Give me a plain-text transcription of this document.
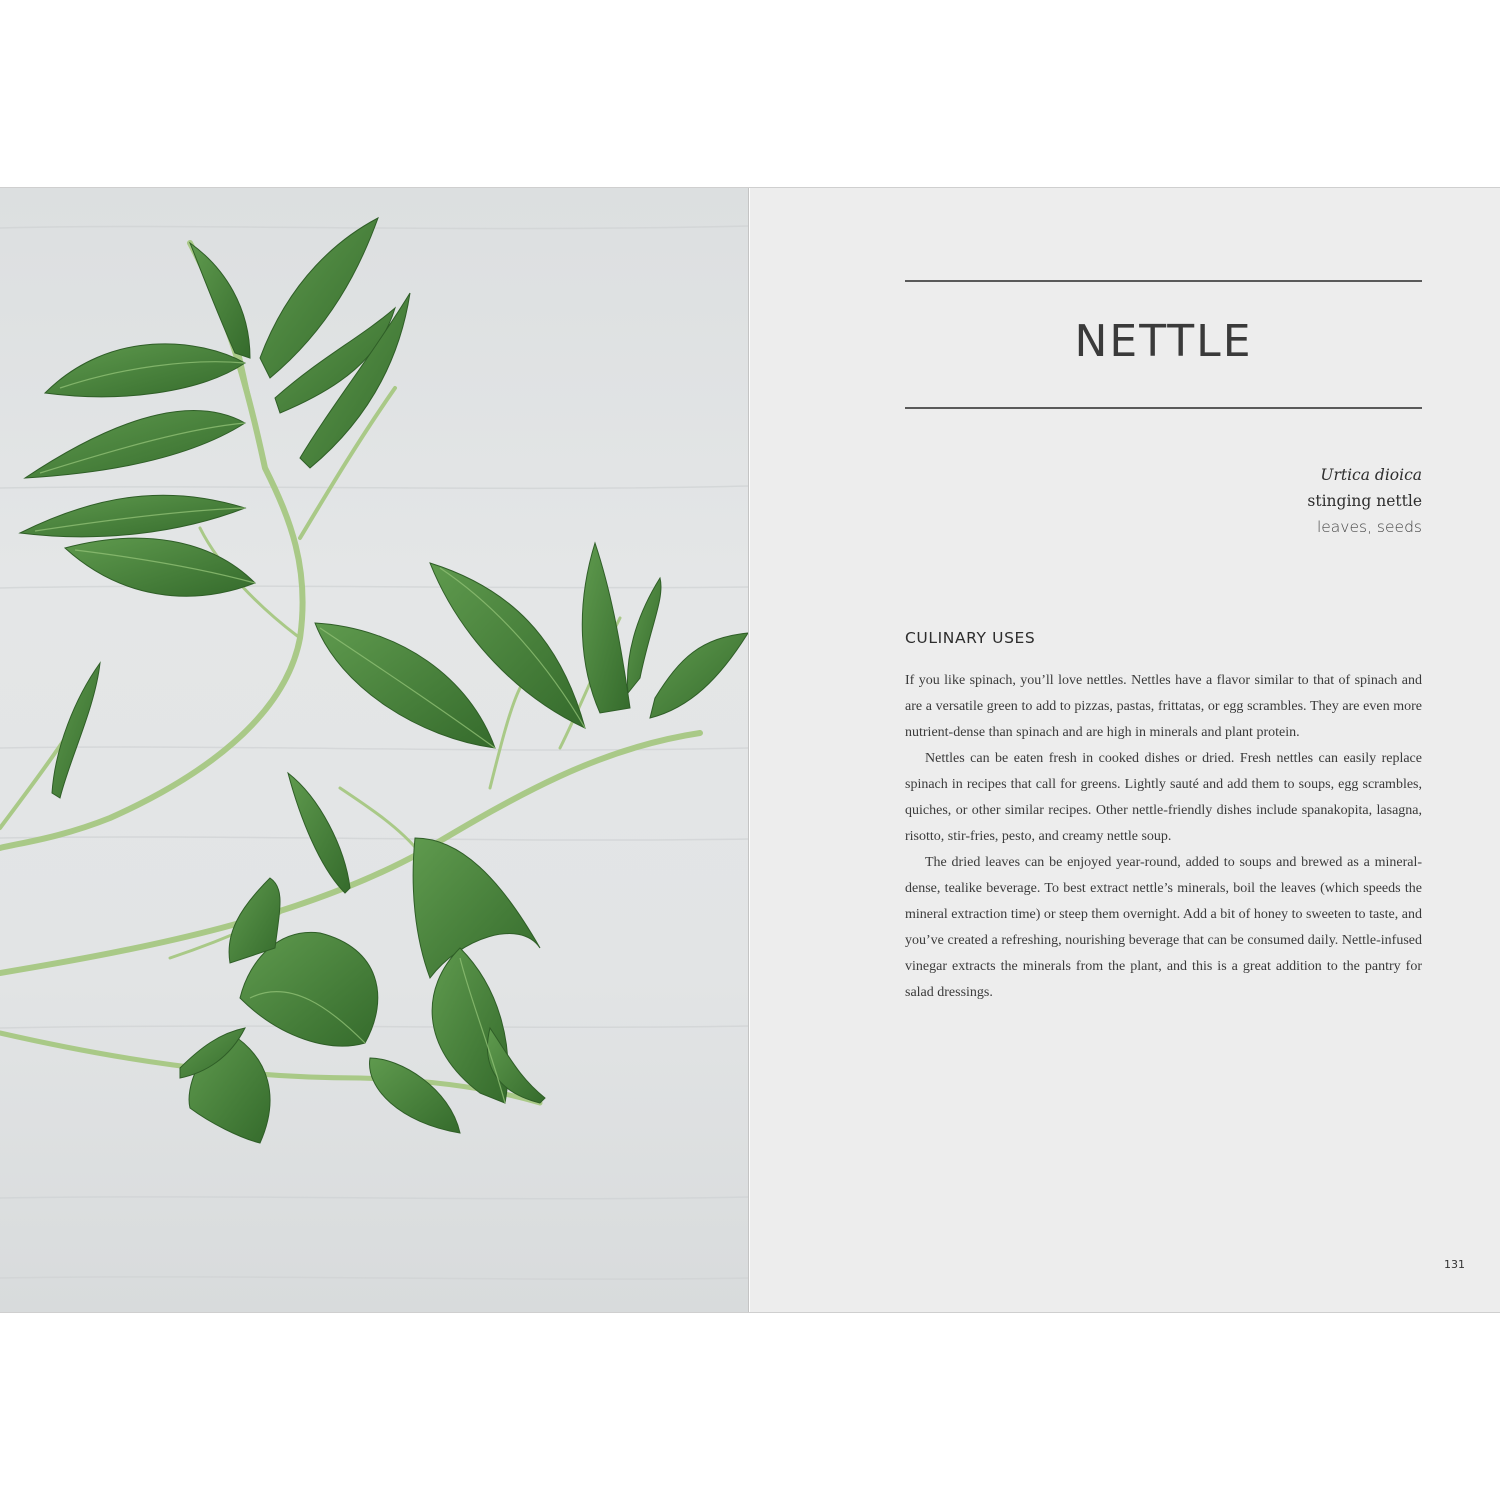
NETTLE
Urtica dioica
stinging nettle
leaves, seeds
CULINARY USES

If you like spinach, you’ll love nettles. Nettles have a flavor similar to that of spinach and are a versatile green to add to pizzas, pastas, frittatas, or egg scrambles. They are even more nutrient-dense than spinach and are high in minerals and plant protein.

Nettles can be eaten fresh in cooked dishes or dried. Fresh nettles can easily replace spinach in recipes that call for greens. Lightly sauté and add them to soups, egg scrambles, quiches, or other similar recipes. Other nettle-friendly dishes include spanakopita, lasagna, risotto, stir-fries, pesto, and creamy nettle soup.

The dried leaves can be enjoyed year-round, added to soups and brewed as a mineral-dense, tealike beverage. To best extract nettle’s minerals, boil the leaves (which speeds the mineral extraction time) or steep them overnight. Add a bit of honey to sweeten to taste, and you’ve created a refreshing, nourishing beverage that can be consumed daily. Nettle-infused vinegar extracts the minerals from the plant, and this is a great addition to the pantry for salad dressings.

131
